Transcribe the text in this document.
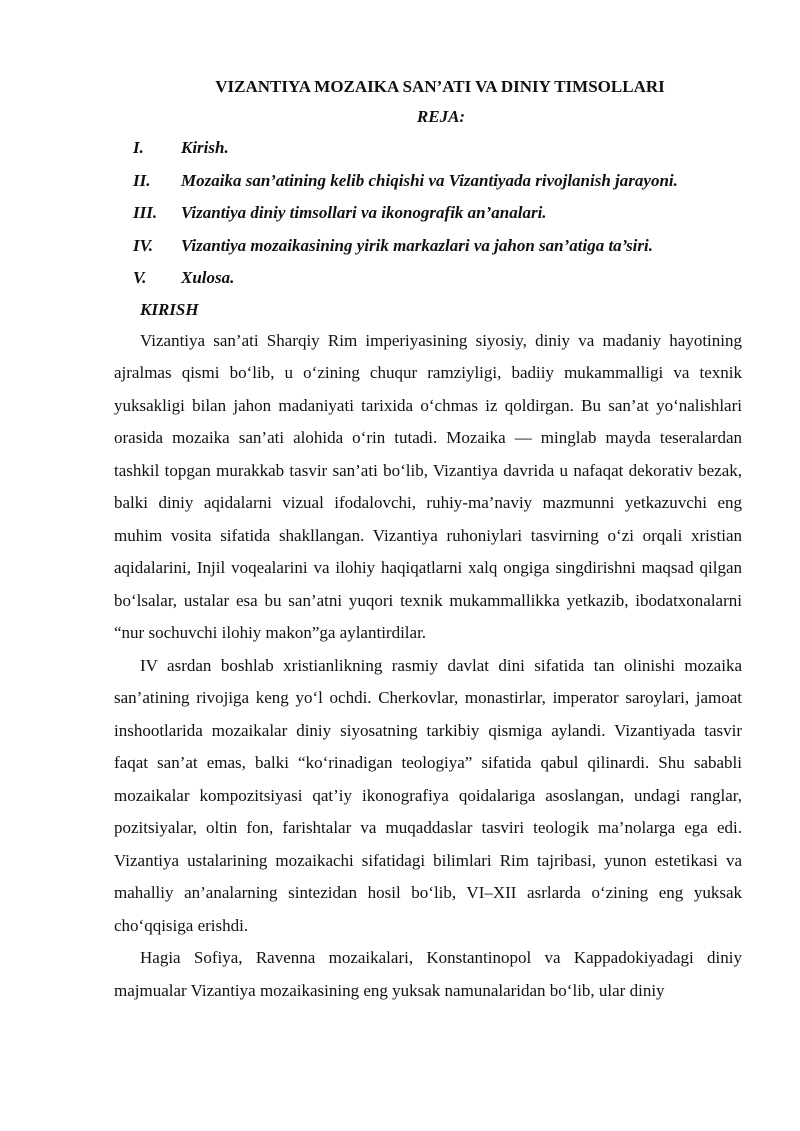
VIZANTIYA MOZAIKA SAN’ATI VA DINIY TIMSOLLARI
REJA:
I.	Kirish.
II.	Mozaika san’atining kelib chiqishi va Vizantiyada rivojlanish jarayoni.
III.	Vizantiya diniy timsollari va ikonografik an’analari.
IV.	Vizantiya mozaikasining yirik markazlari va jahon san’atiga ta’siri.
V.	Xulosa.
KIRISH

Vizantiya san’ati Sharqiy Rim imperiyasining siyosiy, diniy va madaniy hayotining ajralmas qismi bo‘lib, u o‘zining chuqur ramziyligi, badiiy mukammalligi va texnik yuksakligi bilan jahon madaniyati tarixida o‘chmas iz qoldirgan. Bu san’at yo‘nalishlari orasida mozaika san’ati alohida o‘rin tutadi. Mozaika — minglab mayda teseralardan tashkil topgan murakkab tasvir san’ati bo‘lib, Vizantiya davrida u nafaqat dekorativ bezak, balki diniy aqidalarni vizual ifodalovchi, ruhiy-ma’naviy mazmunni yetkazuvchi eng muhim vosita sifatida shakllangan. Vizantiya ruhoniylari tasvirning o‘zi orqali xristian aqidalarini, Injil voqealarini va ilohiy haqiqatlarni xalq ongiga singdirishni maqsad qilgan bo‘lsalar, ustalar esa bu san’atni yuqori texnik mukammallikka yetkazib, ibodatxonalarni “nur sochuvchi ilohiy makon”ga aylantirdilar.

IV asrdan boshlab xristianlikning rasmiy davlat dini sifatida tan olinishi mozaika san’atining rivojiga keng yo‘l ochdi. Cherkovlar, monastirlar, imperator saroylari, jamoat inshootlarida mozaikalar diniy siyosatning tarkibiy qismiga aylandi. Vizantiyada tasvir faqat san’at emas, balki “ko‘rinadigan teologiya” sifatida qabul qilinardi. Shu sababli mozaikalar kompozitsiyasi qat’iy ikonografiya qoidalariga asoslangan, undagi ranglar, pozitsiyalar, oltin fon, farishtalar va muqaddaslar tasviri teologik ma’nolarga ega edi. Vizantiya ustalarining mozaikachi sifatidagi bilimlari Rim tajribasi, yunon estetikasi va mahalliy an’analarning sintezidan hosil bo‘lib, VI–XII asrlarda o‘zining eng yuksak cho‘qqisiga erishdi.

Hagia Sofiya, Ravenna mozaikalari, Konstantinopol va Kappadokiyadagi diniy majmualar Vizantiya mozaikasining eng yuksak namunalaridan bo‘lib, ular diniy
